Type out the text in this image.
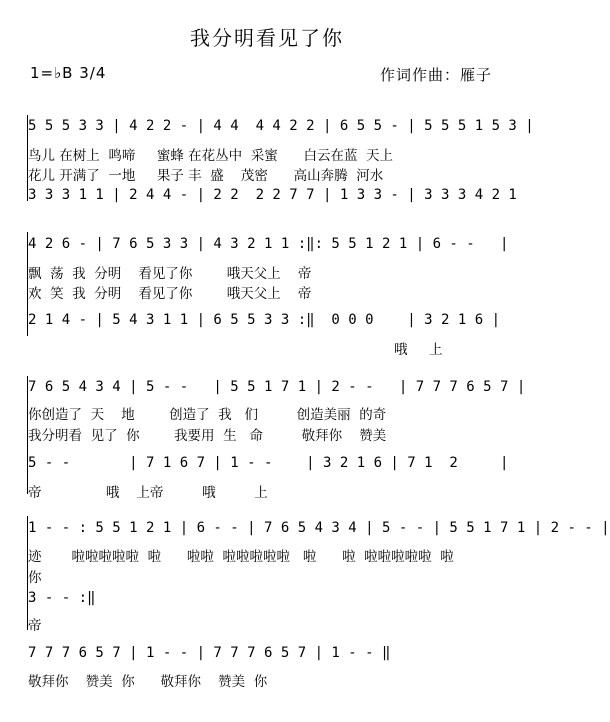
我分明看见了你
1=♭B 3/4	作词作曲：雁子
5 5 5 3 3 | 4 2 2 - | 4 4  4 4 2 2 | 6 5 5 - | 5 5 5 1 5 3 |
鸟儿 在树上  鸣啼     蜜蜂 在花丛中  采蜜      白云在蓝  天上
花儿 开满了  一地     果子 丰  盛    茂密      高山奔腾  河水
3 3 3 1 1 | 2 4 4 - | 2 2  2 2 7 7 | 1 3 3 - | 3 3 3 4 2 1
4 2 6 - | 7 6 5 3 3 | 4 3 2 1 1 :‖: 5 5 1 2 1 | 6 - -   |
飘  荡  我  分明    看见了你        哦天父上    帝
欢  笑  我  分明    看见了你        哦天父上    帝
2 1 4 - | 5 4 3 1 1 | 6 5 5 3 3 :‖  0 0 0    | 3 2 1 6 |
哦     上
7 6 5 4 3 4 | 5 - -   | 5 5 1 7 1 | 2 - -   | 7 7 7 6 5 7 |
你创造了  天    地        创造了  我   们         创造美丽  的奇
我分明看  见了  你        我要用  生   命         敬拜你    赞美
5 - -       | 7 1 6 7 | 1 - -    | 3 2 1 6 | 7 1  2     |
帝               哦    上帝         哦         上
1 - - : 5 5 1 2 1 | 6 - - | 7 6 5 4 3 4 | 5 - - | 5 5 1 7 1 | 2 - - |
迹       啦啦啦啦啦  啦      啦啦  啦啦啦啦啦   啦      啦  啦啦啦啦啦  啦
你
3 - - :‖
帝
7 7 7 6 5 7 | 1 - - | 7 7 7 6 5 7 | 1 - - ‖
敬拜你    赞美  你      敬拜你    赞美  你
